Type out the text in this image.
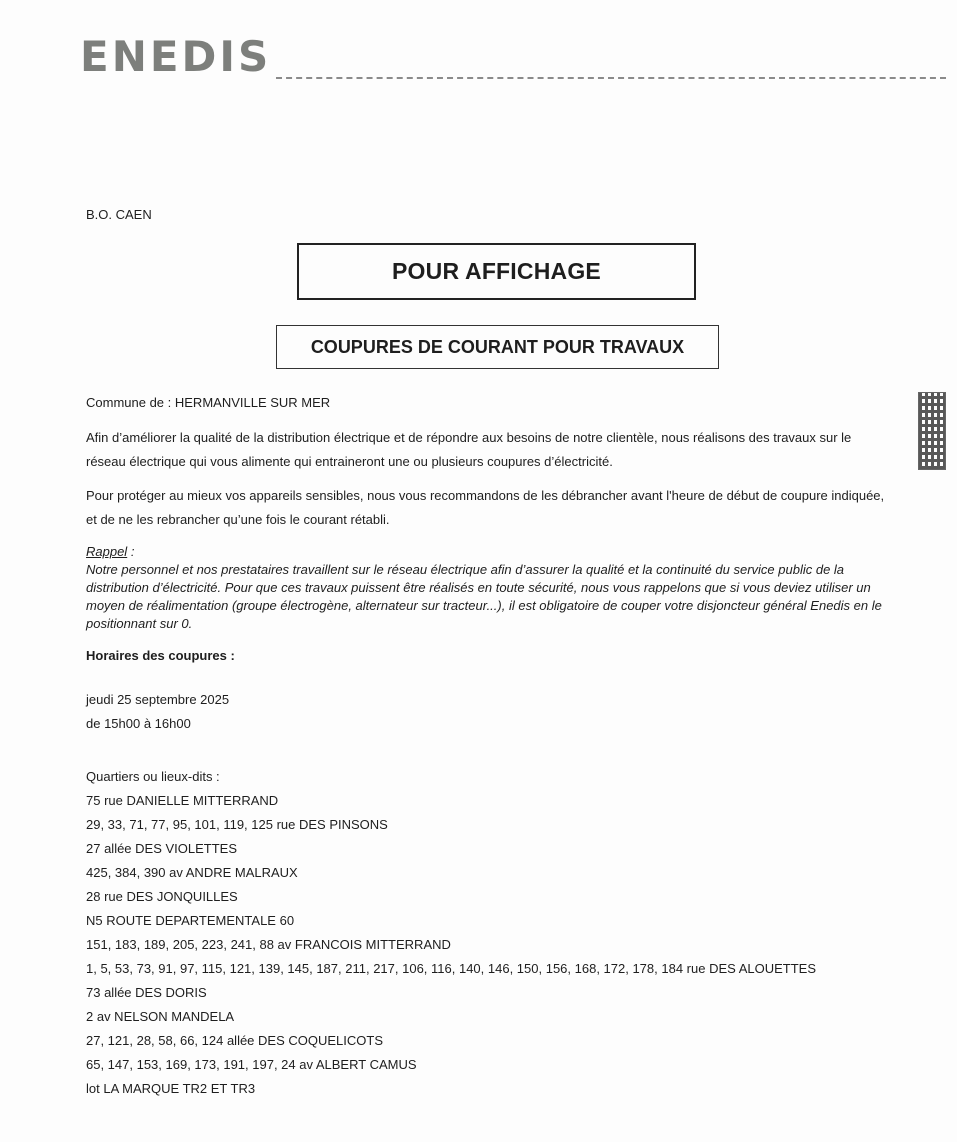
ENEDIS
B.O. CAEN
POUR AFFICHAGE
COUPURES DE COURANT POUR TRAVAUX
Commune de : HERMANVILLE SUR MER
Afin d’améliorer la qualité de la distribution électrique et de répondre aux besoins de notre clientèle, nous réalisons des travaux sur le réseau électrique qui vous alimente qui entraineront une ou plusieurs coupures d’électricité.
Pour protéger au mieux vos appareils sensibles, nous vous recommandons de les débrancher avant l'heure de début de coupure indiquée, et de ne les rebrancher qu’une fois le courant rétabli.
Rappel :
Notre personnel et nos prestataires travaillent sur le réseau électrique afin d’assurer la qualité et la continuité du service public de la distribution d’électricité. Pour que ces travaux puissent être réalisés en toute sécurité, nous vous rappelons que si vous deviez utiliser un moyen de réalimentation (groupe électrogène, alternateur sur tracteur...), il est obligatoire de couper votre disjoncteur général Enedis en le positionnant sur 0.
Horaires des coupures :
jeudi 25 septembre 2025
de 15h00 à 16h00
Quartiers ou lieux-dits :
75 rue DANIELLE MITTERRAND
29, 33, 71, 77, 95, 101, 119, 125 rue DES PINSONS
27 allée DES VIOLETTES
425, 384, 390 av ANDRE MALRAUX
28 rue DES JONQUILLES
N5 ROUTE DEPARTEMENTALE 60
151, 183, 189, 205, 223, 241, 88 av FRANCOIS MITTERRAND
1, 5, 53, 73, 91, 97, 115, 121, 139, 145, 187, 211, 217, 106, 116, 140, 146, 150, 156, 168, 172, 178, 184 rue DES ALOUETTES
73 allée DES DORIS
2 av NELSON MANDELA
27, 121, 28, 58, 66, 124 allée DES COQUELICOTS
65, 147, 153, 169, 173, 191, 197, 24 av ALBERT CAMUS
lot LA MARQUE TR2 ET TR3
